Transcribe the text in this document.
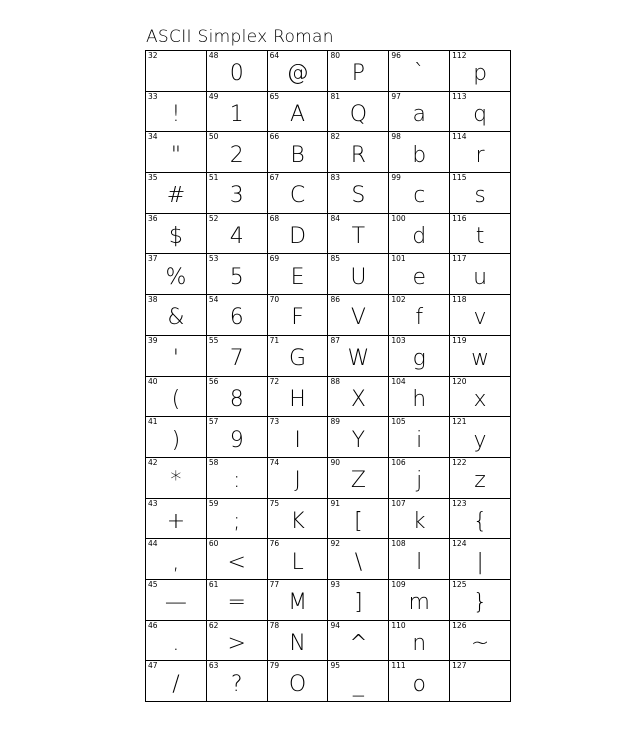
ASCII Simplex Roman
32	48
0
64
@
80
P
96
`
112
p
33
!
49
1
65
A
81
Q
97
a
113
q
34
"
50
2
66
B
82
R
98
b
114
r
35
#
51
3
67
C
83
S
99
c
115
s
36
$
52
4
68
D
84
T
100
d
116
t
37
%
53
5
69
E
85
U
101
e
117
u
38
&
54
6
70
F
86
V
102
f
118
v
39
'
55
7
71
G
87
W
103
g
119
w
40
(
56
8
72
H
88
X
104
h
120
x
41
)
57
9
73
I
89
Y
105
i
121
y
42
*
58
:
74
J
90
Z
106
j
122
z
43
+
59
;
75
K
91
[
107
k
123
{
44
,
60
<
76
L
92
\
108
l
124
|
45
—
61
=
77
M
93
]
109
m
125
}
46
.
62
>
78
N
94
^
110
n
126
~
47
/
63
?
79
O
95
_
111
o
127
